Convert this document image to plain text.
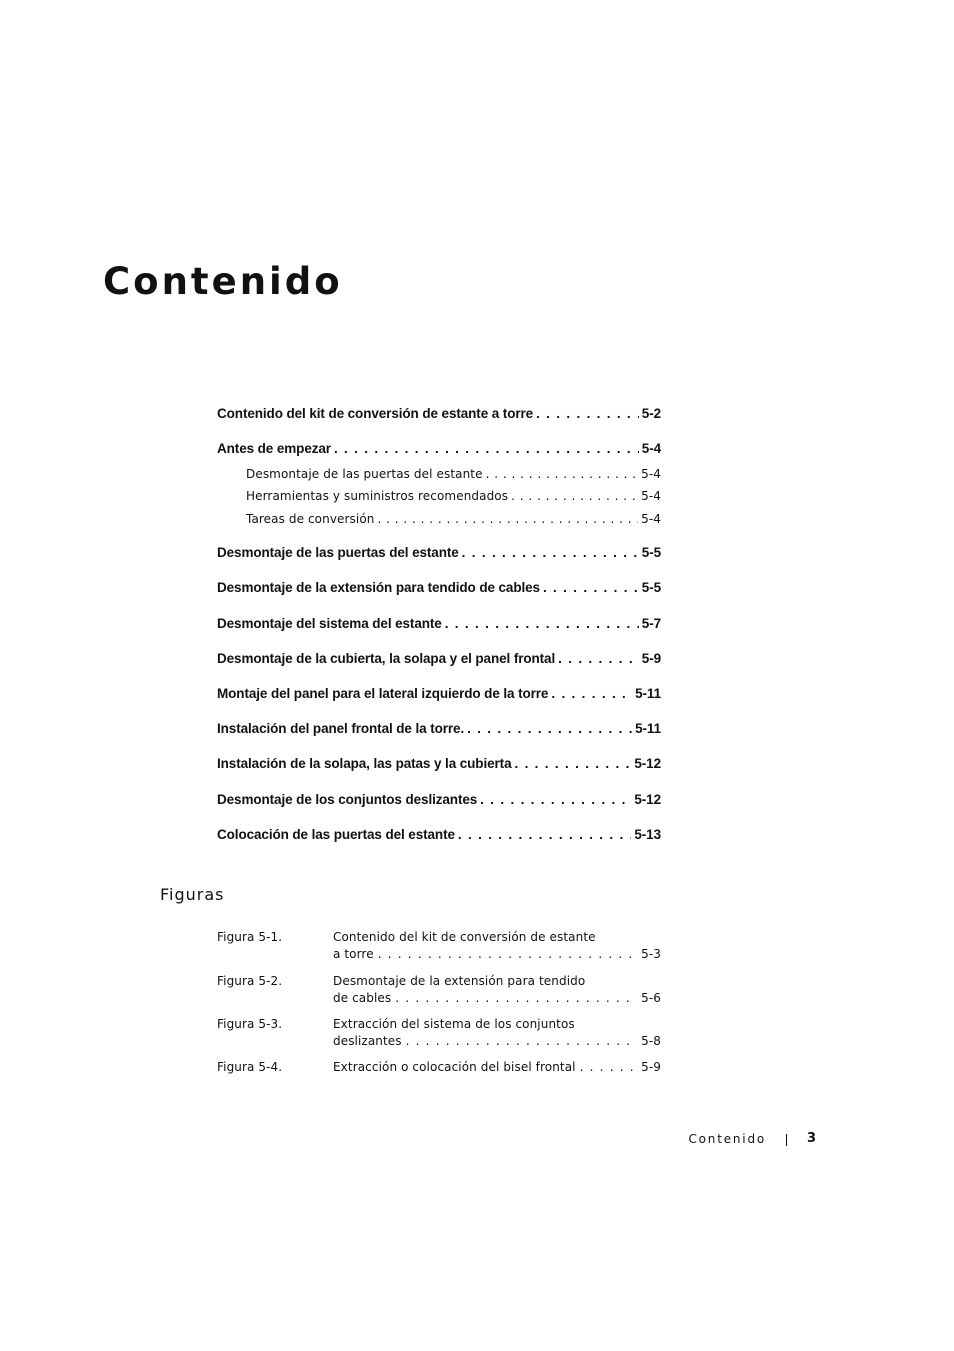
Contenido
Contenido del kit de conversión de estante a torre . . .	5-2
Antes de empezar . . .	5-4
Desmontaje de las puertas del estante . . .	5-4
Herramientas y suministros recomendados . . .	5-4
Tareas de conversión . . .	5-4
Desmontaje de las puertas del estante . . .	5-5
Desmontaje de la extensión para tendido de cables . . .	5-5
Desmontaje del sistema del estante . . .	5-7
Desmontaje de la cubierta, la solapa y el panel frontal . . .	5-9
Montaje del panel para el lateral izquierdo de la torre . . .	5-11
Instalación del panel frontal de la torre. . . .	5-11
Instalación de la solapa, las patas y la cubierta . . .	5-12
Desmontaje de los conjuntos deslizantes . . .	5-12
Colocación de las puertas del estante . . .	5-13
Figuras
Figura 5-1.	Contenido del kit de conversión de estante
a torre . . .	5-3
Figura 5-2.	Desmontaje de la extensión para tendido
de cables . . .	5-6
Figura 5-3.	Extracción del sistema de los conjuntos
deslizantes . . .	5-8
Figura 5-4.	Extracción o colocación del bisel frontal . . .	5-9
Contenido	3
